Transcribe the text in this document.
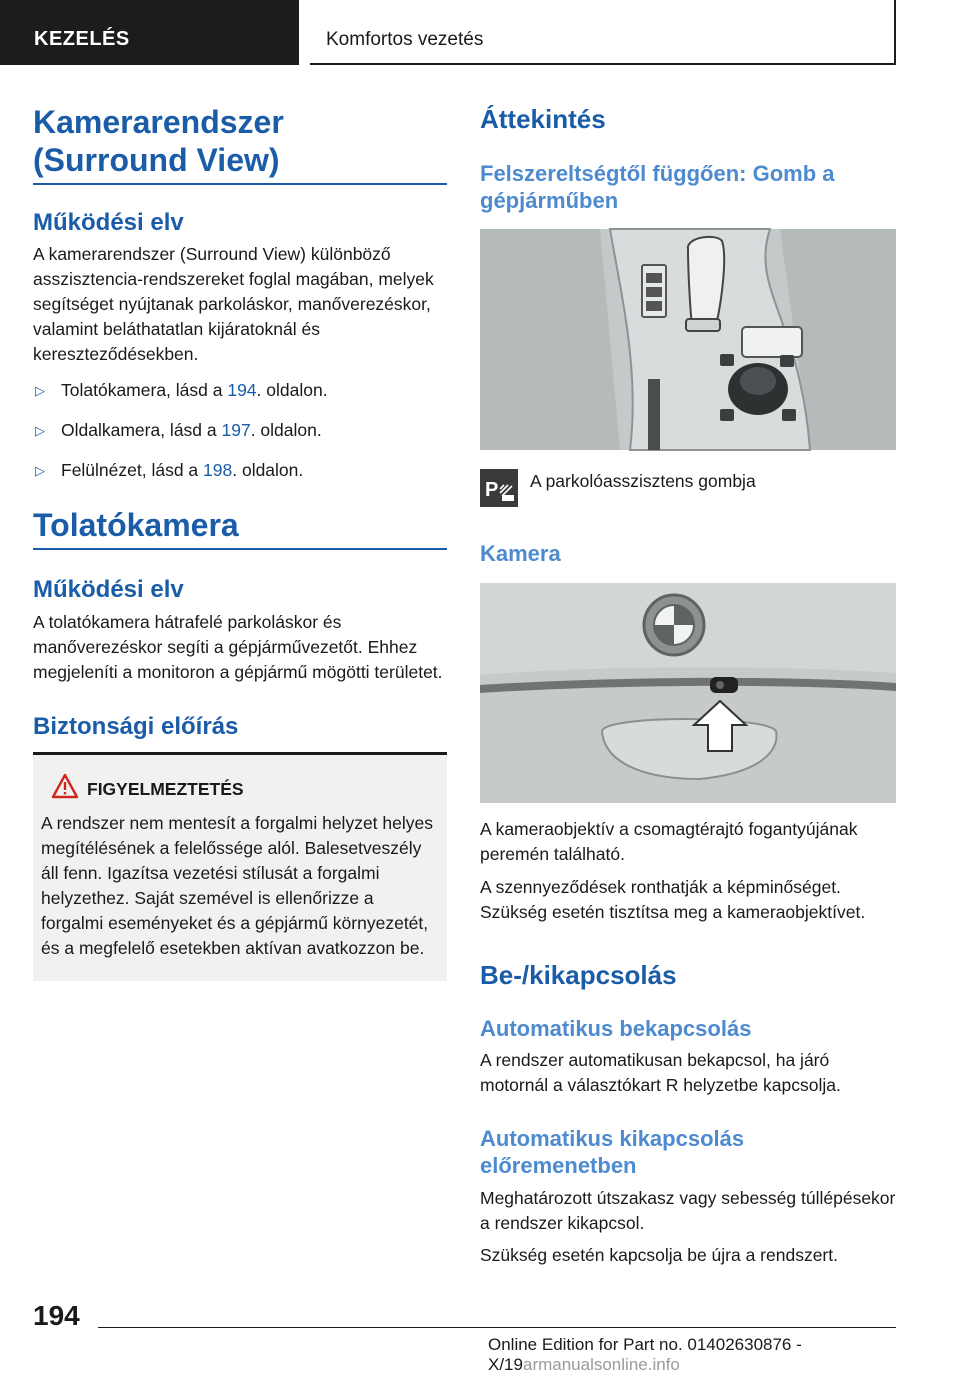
KEZELÉS	Komfortos vezetés
Kamerarendszer (Surround View)
Működési elv
A kamerarendszer (Surround View) különböző asszisztencia-rendszereket foglal magában, melyek segítséget nyújtanak parkoláskor, manőverezéskor, valamint beláthatatlan kijáratoknál és kereszteződésekben.
▷ Tolatókamera, lásd a 194. oldalon.
▷ Oldalkamera, lásd a 197. oldalon.
▷ Felülnézet, lásd a 198. oldalon.
Tolatókamera
Működési elv
A tolatókamera hátrafelé parkoláskor és manőverezéskor segíti a gépjárművezetőt. Ehhez megjeleníti a monitoron a gépjármű mögötti területet.
Biztonsági előírás
FIGYELMEZTETÉS
A rendszer nem mentesít a forgalmi helyzet helyes megítélésének a felelőssége alól. Balesetveszély áll fenn. Igazítsa vezetési stílusát a forgalmi helyzethez. Saját szemével is ellenőrizze a forgalmi eseményeket és a gépjármű környezetét, és a megfelelő esetekben aktívan avatkozzon be.
Áttekintés
Felszereltségtől függően: Gomb a gépjárműben
P A parkolóasszisztens gombja
Kamera
A kameraobjektív a csomagtérajtó fogantyújának peremén található.
A szennyeződések ronthatják a képminőséget. Szükség esetén tisztítsa meg a kameraobjektívet.
Be-/kikapcsolás
Automatikus bekapcsolás
A rendszer automatikusan bekapcsol, ha járó motornál a választókart R helyzetbe kapcsolja.
Automatikus kikapcsolás előremenetben
Meghatározott útszakasz vagy sebesség túllépésekor a rendszer kikapcsol.
Szükség esetén kapcsolja be újra a rendszert.
194
Online Edition for Part no. 01402630876 - X/19armanualsonline.info
